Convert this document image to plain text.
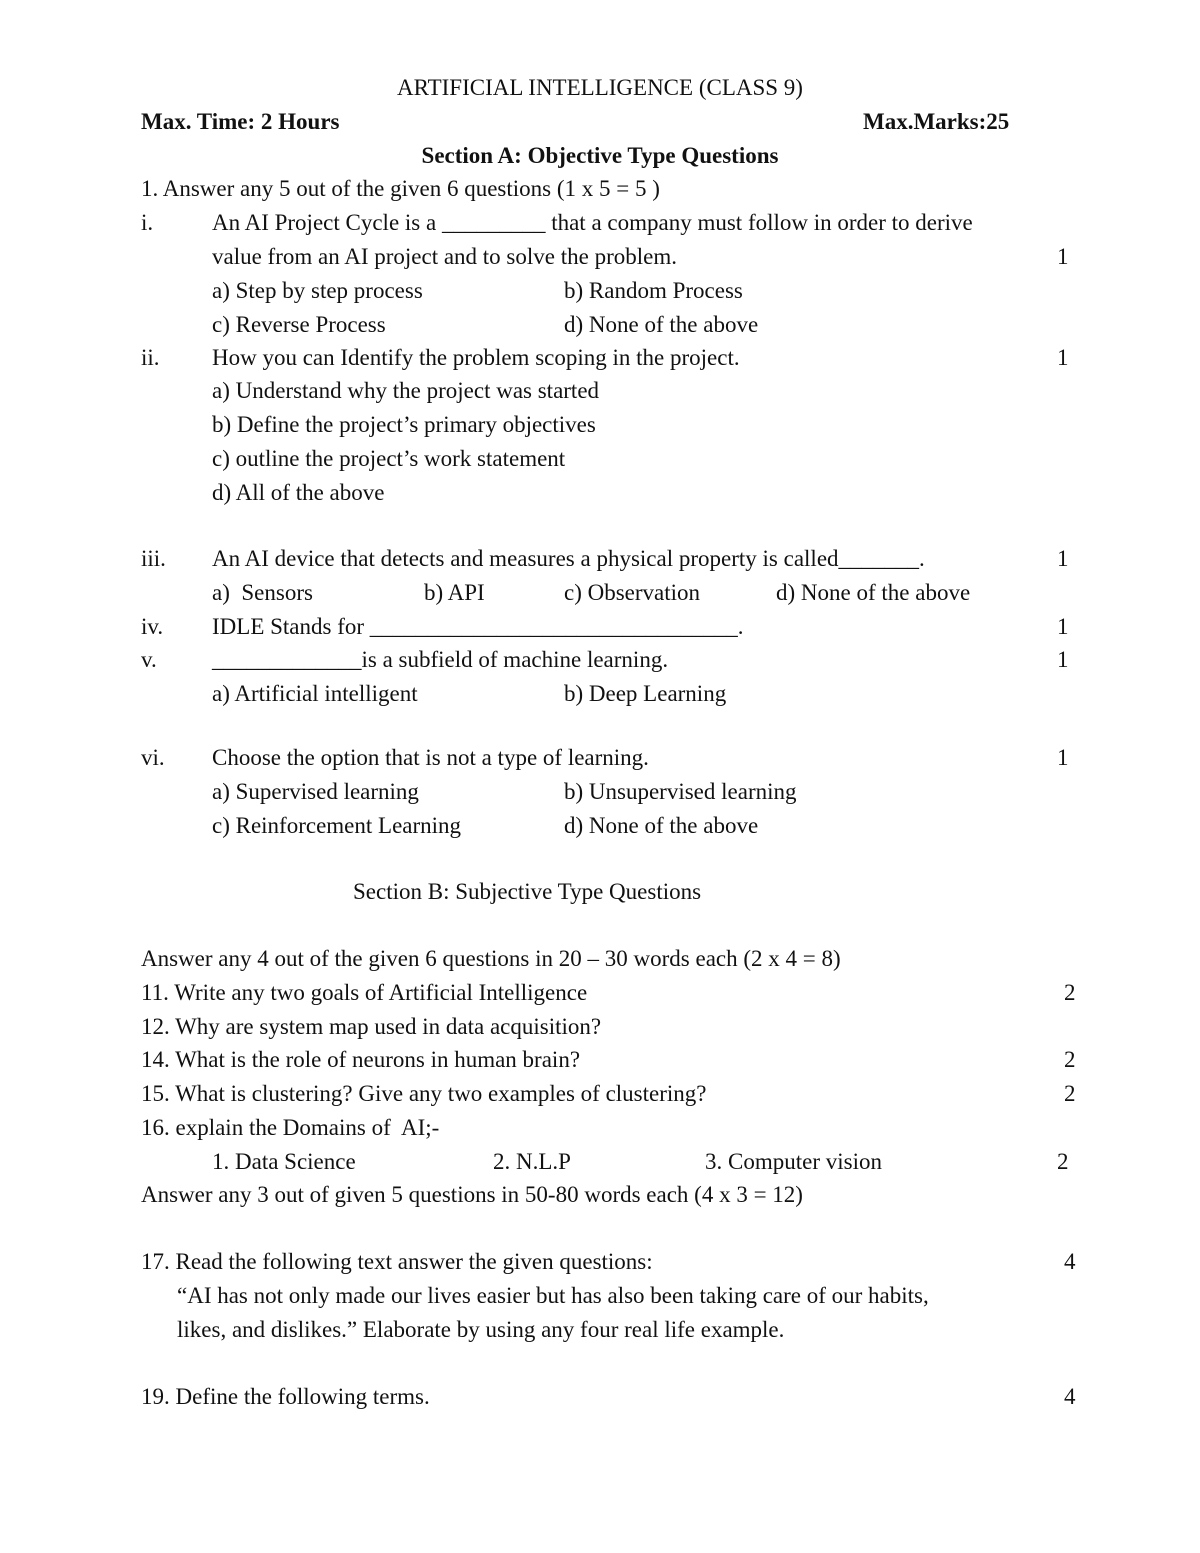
ARTIFICIAL INTELLIGENCE (CLASS 9)
Max. Time: 2 Hours	Max.Marks:25
Section A: Objective Type Questions
1. Answer any 5 out of the given 6 questions (1 x 5 = 5 )
i.	An AI Project Cycle is a _________ that a company must follow in order to derive
value from an AI project and to solve the problem.	1
a) Step by step process	b) Random Process
c) Reverse Process	d) None of the above
ii. How you can Identify the problem scoping in the project.	1
a) Understand why the project was started
b) Define the project’s primary objectives
c) outline the project’s work statement
d) All of the above
iii. An AI device that detects and measures a physical property is called_______.	1
a)  Sensors	b) API	c) Observation	d) None of the above
iv. IDLE Stands for ________________________________.	1
v. _____________is a subfield of machine learning.	1
a) Artificial intelligent	b) Deep Learning
vi. Choose the option that is not a type of learning.	1
a) Supervised learning	b) Unsupervised learning
c) Reinforcement Learning	d) None of the above
Section B: Subjective Type Questions
Answer any 4 out of the given 6 questions in 20 – 30 words each (2 x 4 = 8)
11. Write any two goals of Artificial Intelligence	2
12. Why are system map used in data acquisition?
14. What is the role of neurons in human brain?	2
15. What is clustering? Give any two examples of clustering?	2
16. explain the Domains of  AI;-
1. Data Science	2. N.L.P	3. Computer vision	2
Answer any 3 out of given 5 questions in 50-80 words each (4 x 3 = 12)
17. Read the following text answer the given questions:	4
“AI has not only made our lives easier but has also been taking care of our habits,
likes, and dislikes.” Elaborate by using any four real life example.
19. Define the following terms.	4
